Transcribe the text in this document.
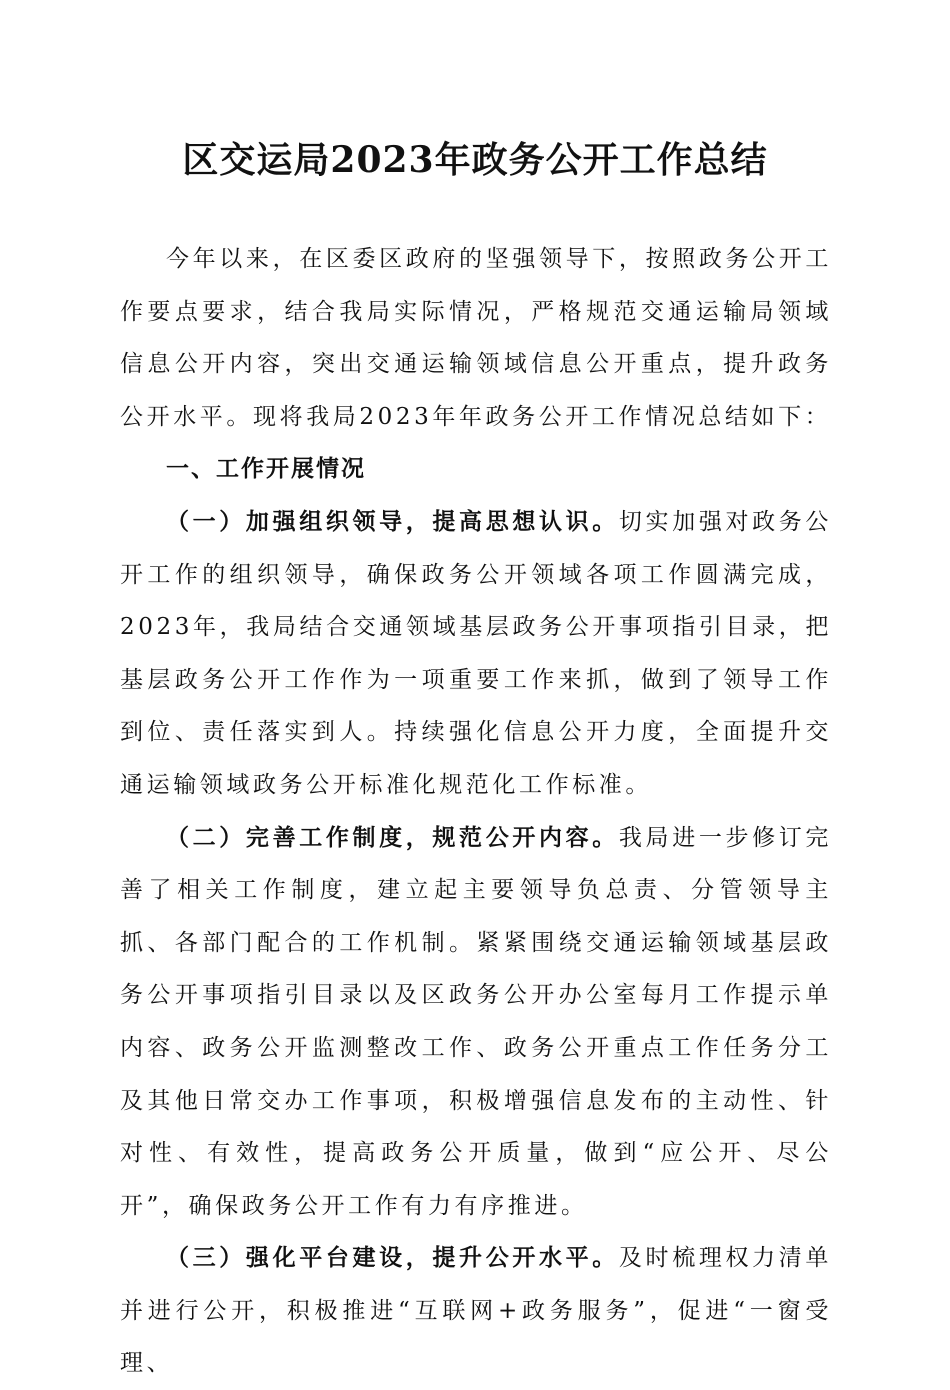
区交运局2023年政务公开工作总结

今年以来，在区委区政府的坚强领导下，按照政务公开工作要点要求，结合我局实际情况，严格规范交通运输局领域信息公开内容，突出交通运输领域信息公开重点，提升政务公开水平。现将我局2023年年政务公开工作情况总结如下：

一、工作开展情况

（一）加强组织领导，提高思想认识。切实加强对政务公开工作的组织领导，确保政务公开领域各项工作圆满完成，2023年，我局结合交通领域基层政务公开事项指引目录，把基层政务公开工作作为一项重要工作来抓，做到了领导工作到位、责任落实到人。持续强化信息公开力度，全面提升交通运输领域政务公开标准化规范化工作标准。

（二）完善工作制度，规范公开内容。我局进一步修订完善了相关工作制度，建立起主要领导负总责、分管领导主抓、各部门配合的工作机制。紧紧围绕交通运输领域基层政务公开事项指引目录以及区政务公开办公室每月工作提示单内容、政务公开监测整改工作、政务公开重点工作任务分工及其他日常交办工作事项，积极增强信息发布的主动性、针对性、有效性，提高政务公开质量，做到“应公开、尽公开”，确保政务公开工作有力有序推进。

（三）强化平台建设，提升公开水平。及时梳理权力清单并进行公开，积极推进“互联网+政务服务”，促进“一窗受理、
